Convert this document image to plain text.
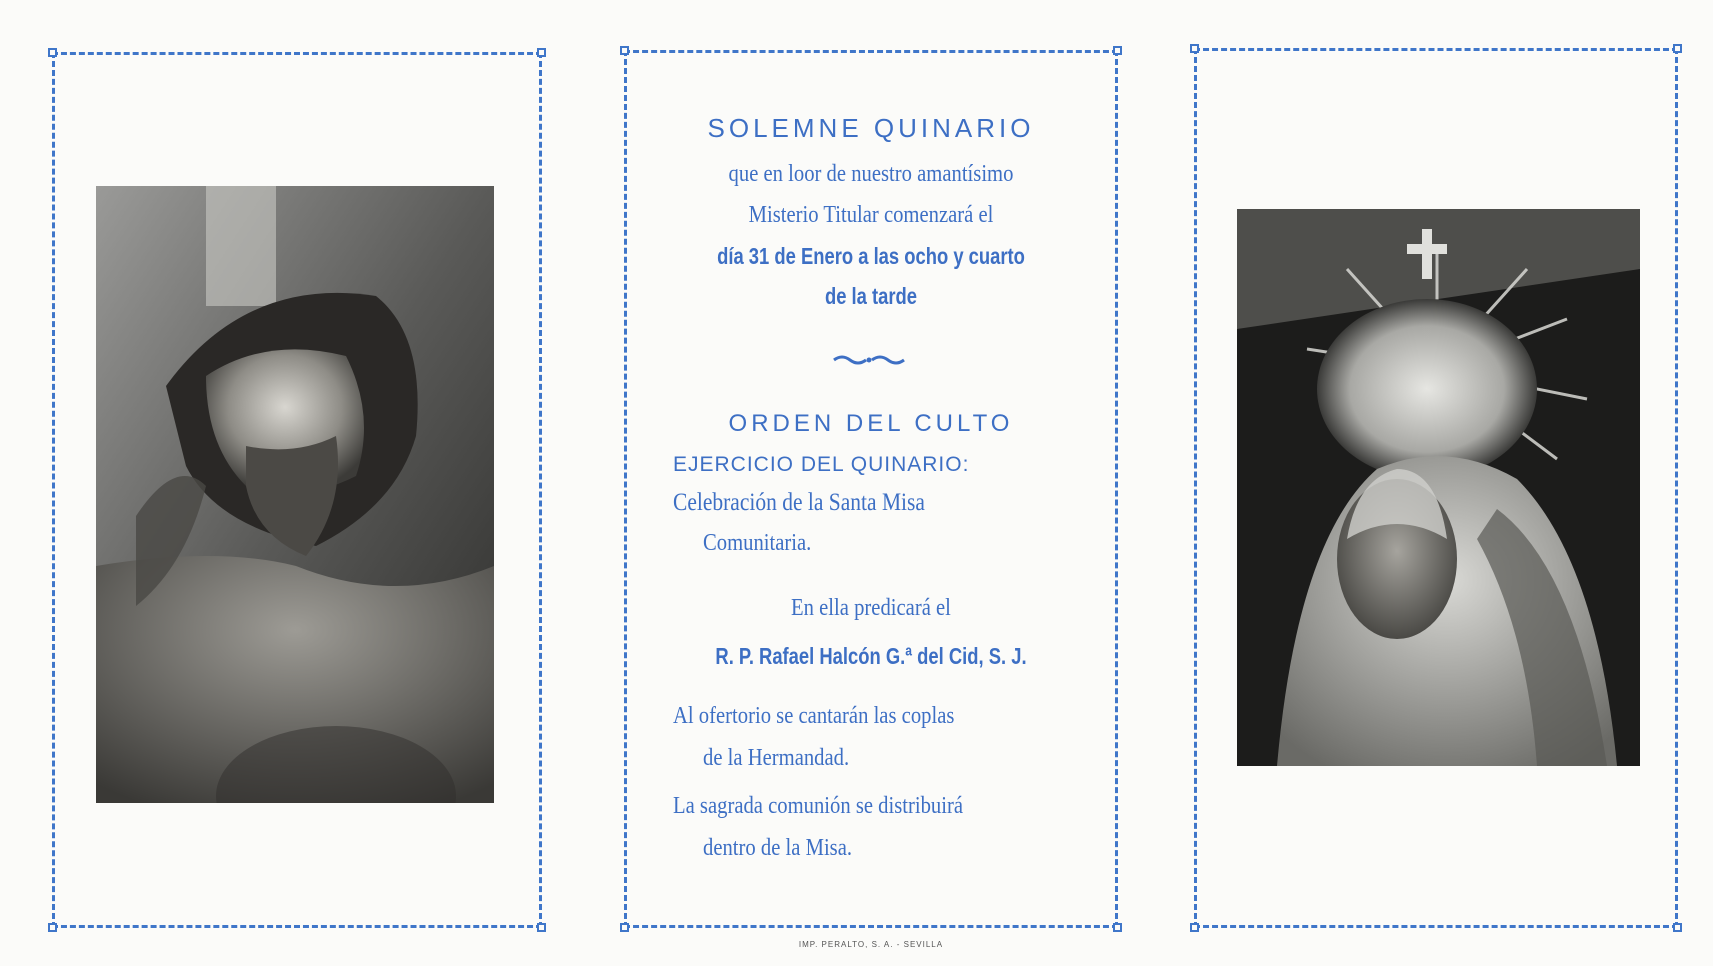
SOLEMNE QUINARIO
que en loor de nuestro amantísimo
Misterio Titular comenzará el
día 31 de Enero a las ocho y cuarto
de la tarde
ORDEN DEL CULTO
EJERCICIO DEL QUINARIO:
Celebración de la Santa Misa
Comunitaria.
En ella predicará el
R. P. Rafael Halcón G.ª del Cid, S. J.
Al ofertorio se cantarán las coplas
de la Hermandad.
La sagrada comunión se distribuirá
dentro de la Misa.
IMP. PERALTO, S. A. - SEVILLA
